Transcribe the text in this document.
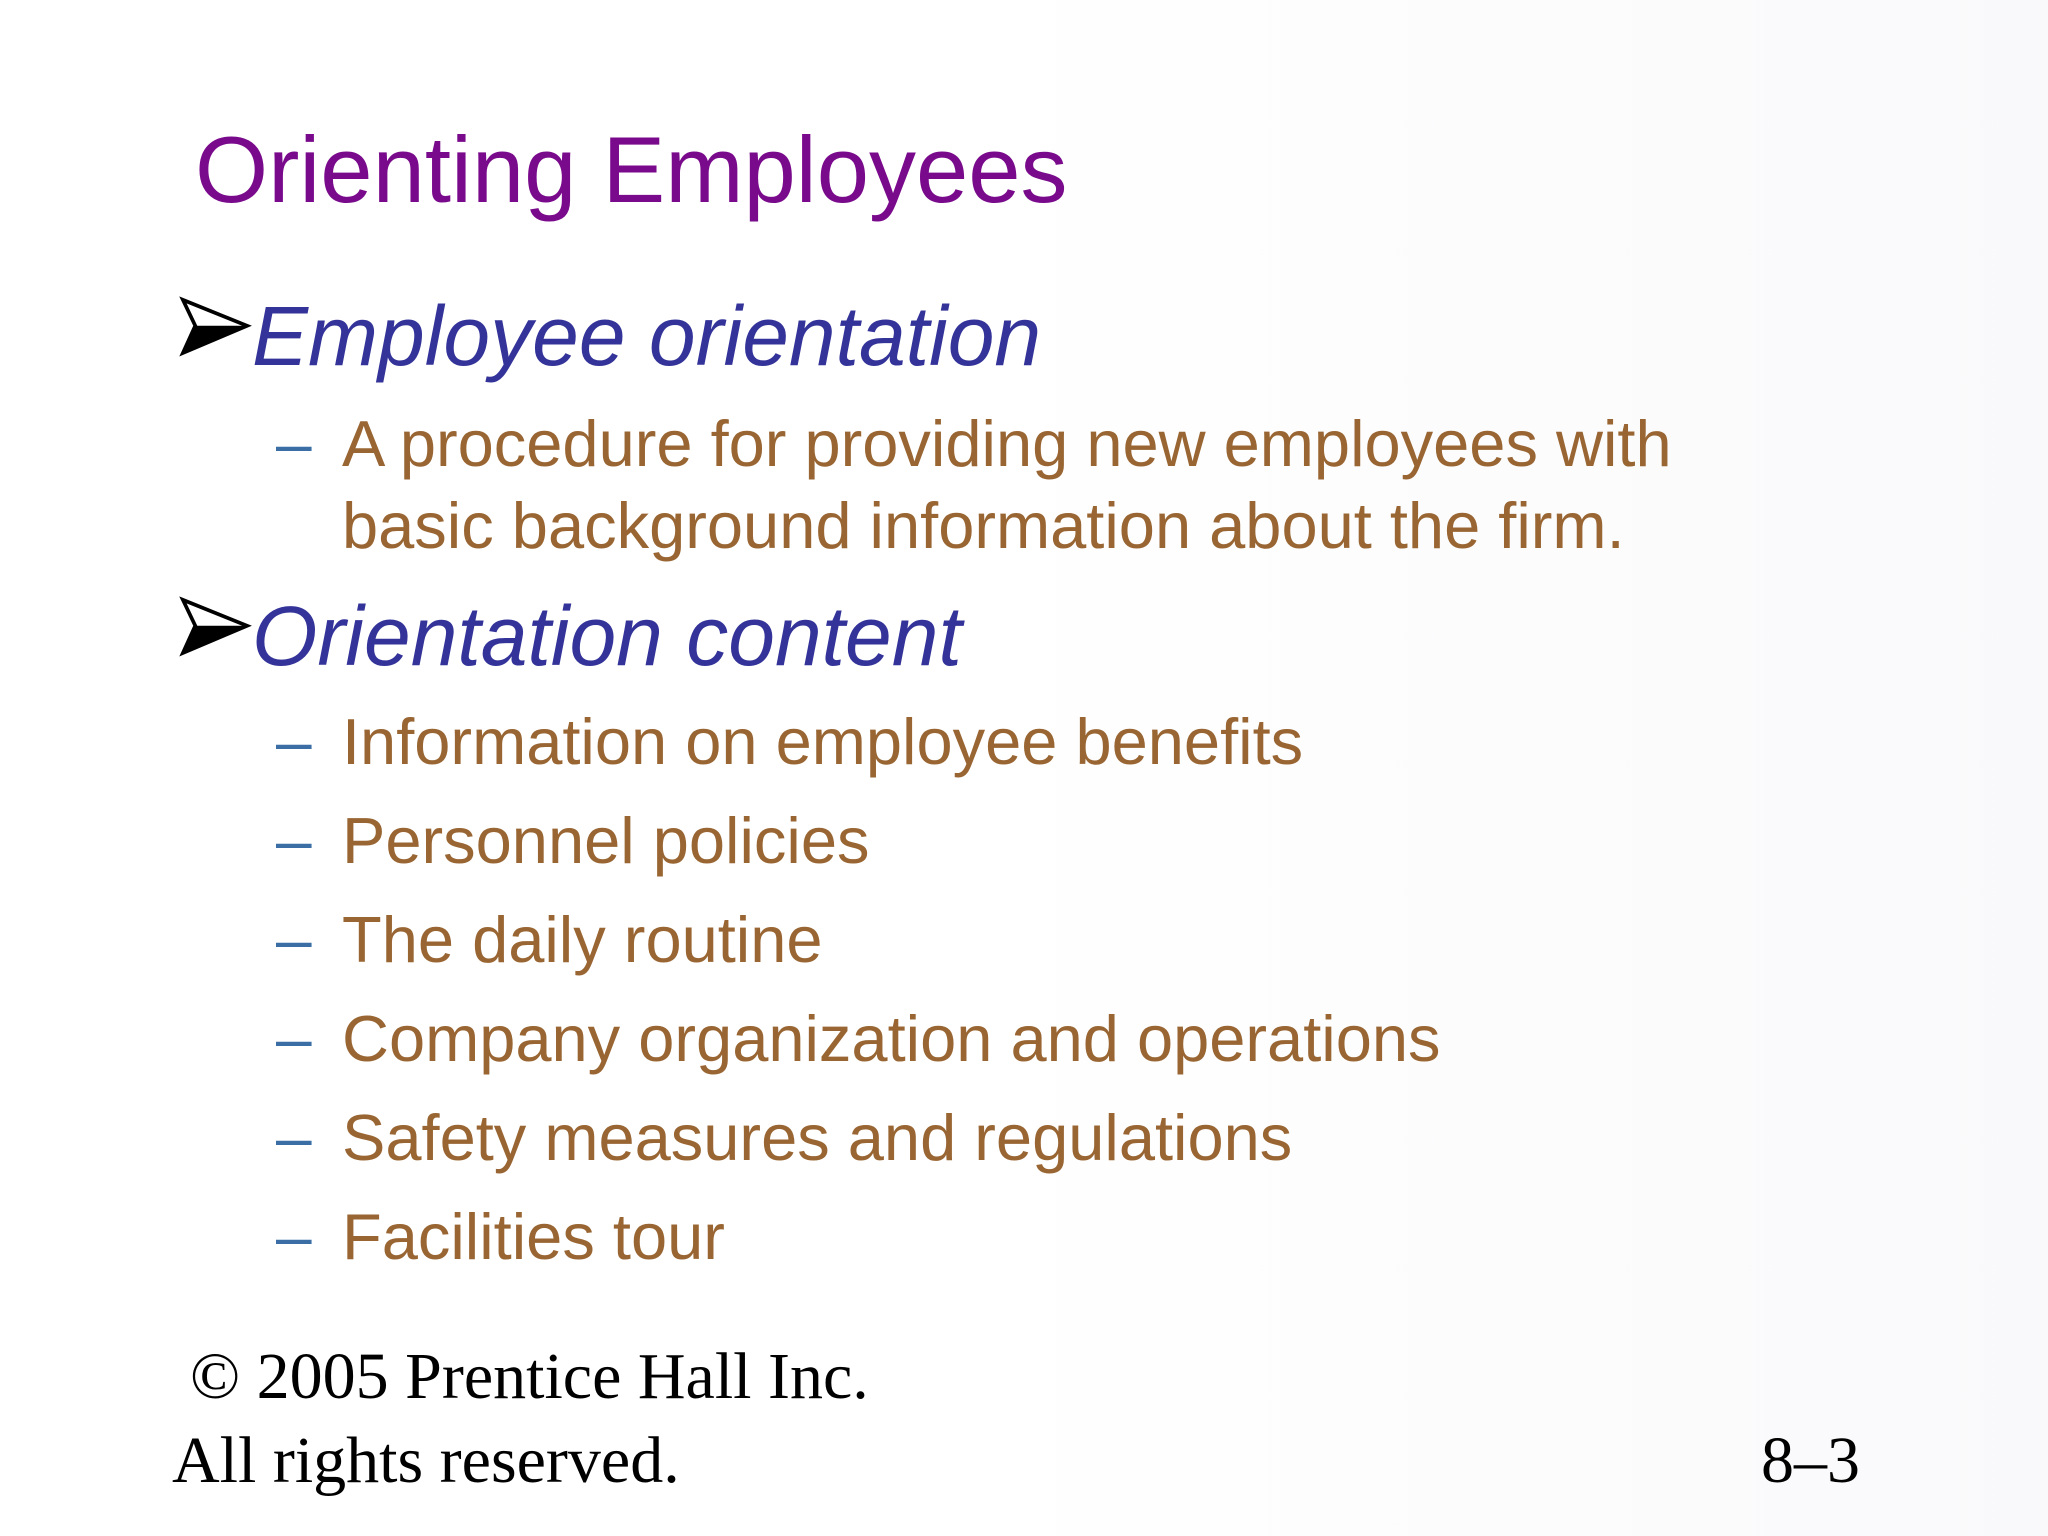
Orienting Employees
Employee orientation
– A procedure for providing new employees with
basic background information about the firm.
Orientation content
– Information on employee benefits
– Personnel policies
– The daily routine
– Company organization and operations
– Safety measures and regulations
– Facilities tour
© 2005 Prentice Hall Inc.
All rights reserved.	8–3
